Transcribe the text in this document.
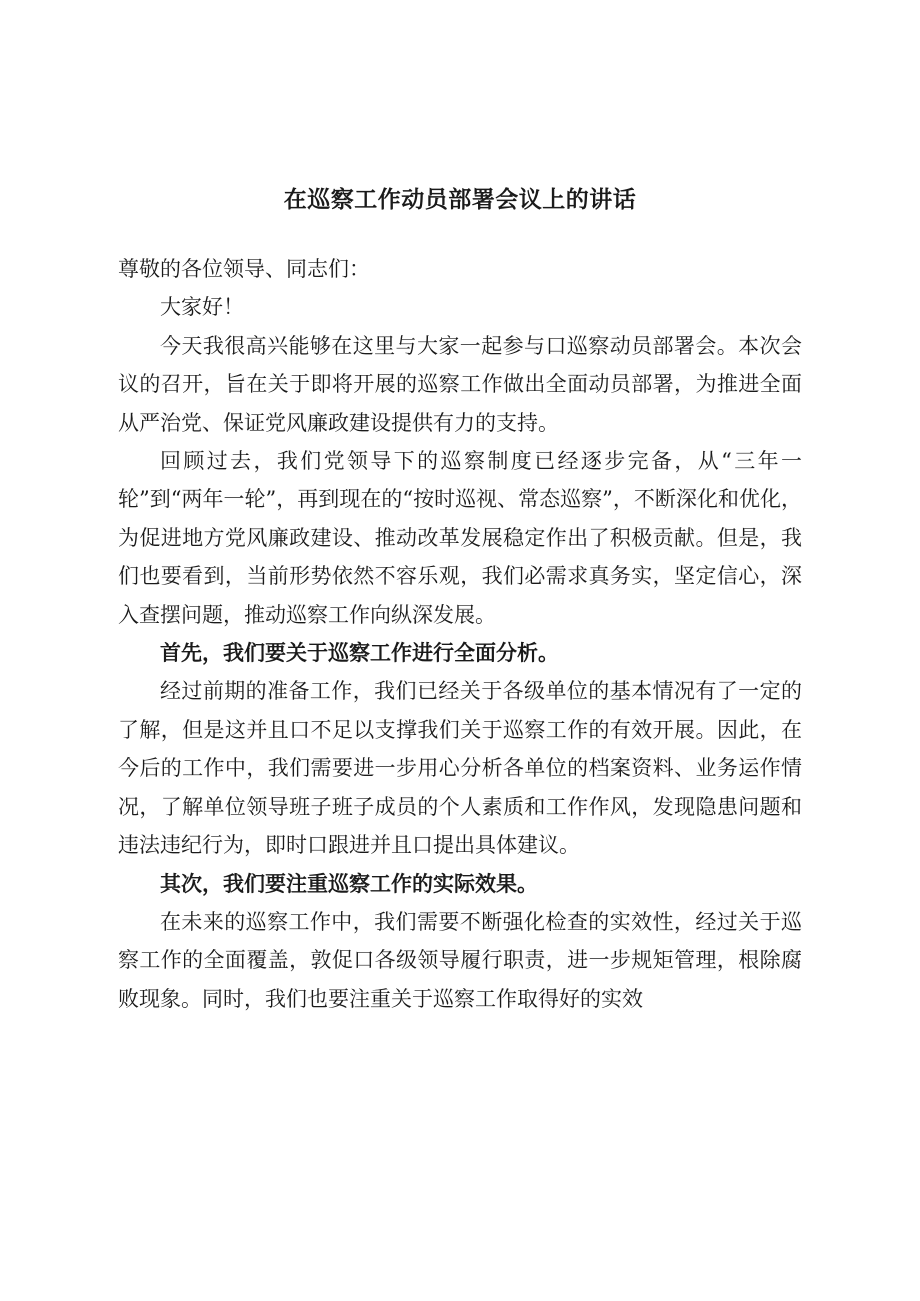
在巡察工作动员部署会议上的讲话

尊敬的各位领导、同志们：

大家好！

今天我很高兴能够在这里与大家一起参与口巡察动员部署会。本次会议的召开，旨在关于即将开展的巡察工作做出全面动员部署，为推进全面从严治党、保证党风廉政建设提供有力的支持。

回顾过去，我们党领导下的巡察制度已经逐步完备，从“三年一轮”到“两年一轮”，再到现在的“按时巡视、常态巡察”，不断深化和优化，为促进地方党风廉政建设、推动改革发展稳定作出了积极贡献。但是，我们也要看到，当前形势依然不容乐观，我们必需求真务实，坚定信心，深入查摆问题，推动巡察工作向纵深发展。

首先，我们要关于巡察工作进行全面分析。

经过前期的准备工作，我们已经关于各级单位的基本情况有了一定的了解，但是这并且口不足以支撑我们关于巡察工作的有效开展。因此，在今后的工作中，我们需要进一步用心分析各单位的档案资料、业务运作情况，了解单位领导班子班子成员的个人素质和工作作风，发现隐患问题和违法违纪行为，即时口跟进并且口提出具体建议。

其次，我们要注重巡察工作的实际效果。

在未来的巡察工作中，我们需要不断强化检查的实效性，经过关于巡察工作的全面覆盖，敦促口各级领导履行职责，进一步规矩管理，根除腐败现象。同时，我们也要注重关于巡察工作取得好的实效
